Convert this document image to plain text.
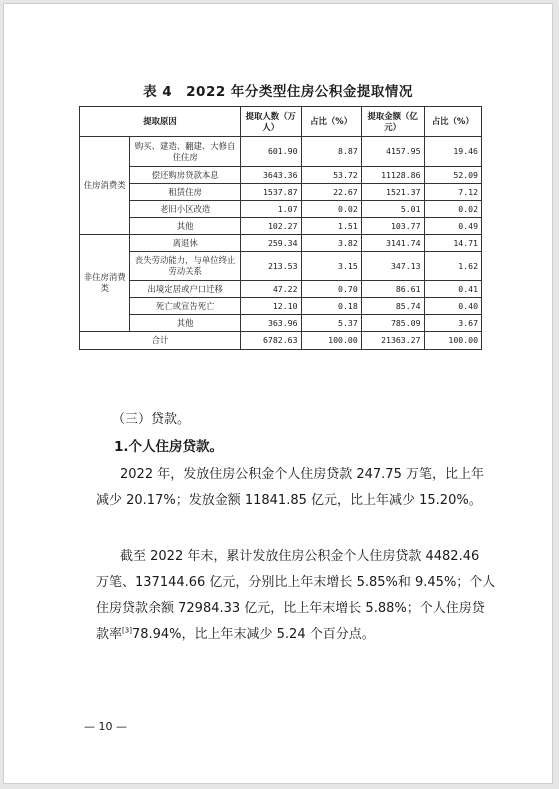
表 4　2022 年分类型住房公积金提取情况
提取原因		提取人数（万人）	占比（%）	提取金额（亿元）	占比（%）
住房消费类	购买、建造、翻建、大修自住住房	601.90	8.87	4157.95	19.46
	偿还购房贷款本息	3643.36	53.72	11128.86	52.09
	租赁住房	1537.87	22.67	1521.37	7.12
	老旧小区改造	1.07	0.02	5.01	0.02
	其他	102.27	1.51	103.77	0.49
非住房消费类	离退休	259.34	3.82	3141.74	14.71
	丧失劳动能力，与单位终止劳动关系	213.53	3.15	347.13	1.62
	出境定居或户口迁移	47.22	0.70	86.61	0.41
	死亡或宣告死亡	12.10	0.18	85.74	0.40
	其他	363.96	5.37	785.09	3.67
合计		6782.63	100.00	21363.27	100.00
（三）贷款。
1.个人住房贷款。
2022 年，发放住房公积金个人住房贷款 247.75 万笔，比上年减少 20.17%；发放金额 11841.85 亿元，比上年减少 15.20%。
截至 2022 年末，累计发放住房公积金个人住房贷款 4482.46 万笔、137144.66 亿元，分别比上年末增长 5.85%和 9.45%；个人住房贷款余额 72984.33 亿元，比上年末增长 5.88%；个人住房贷款率[3]78.94%，比上年末减少 5.24 个百分点。
— 10 —
